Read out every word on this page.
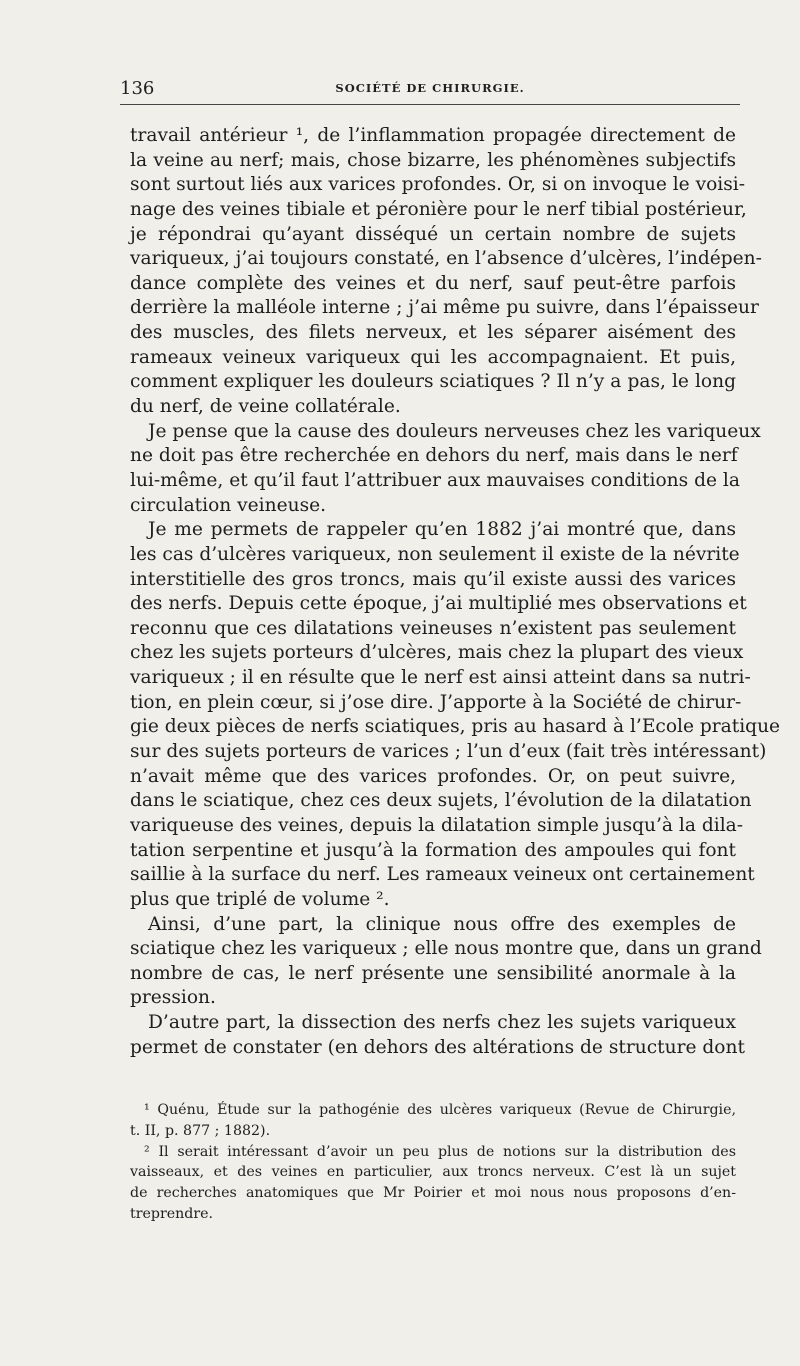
136	SOCIÉTÉ DE CHIRURGIE.
travail antérieur ¹, de l’inflammation propagée directement de
la veine au nerf; mais, chose bizarre, les phénomènes subjectifs
sont surtout liés aux varices profondes. Or, si on invoque le voisi-
nage des veines tibiale et péronière pour le nerf tibial postérieur,
je répondrai qu’ayant disséqué un certain nombre de sujets
variqueux, j’ai toujours constaté, en l’absence d’ulcères, l’indépen-
dance complète des veines et du nerf, sauf peut-être parfois
derrière la malléole interne ; j’ai même pu suivre, dans l’épaisseur
des muscles, des filets nerveux, et les séparer aisément des
rameaux veineux variqueux qui les accompagnaient. Et puis,
comment expliquer les douleurs sciatiques ? Il n’y a pas, le long
du nerf, de veine collatérale.
Je pense que la cause des douleurs nerveuses chez les variqueux
ne doit pas être recherchée en dehors du nerf, mais dans le nerf
lui-même, et qu’il faut l’attribuer aux mauvaises conditions de la
circulation veineuse.
Je me permets de rappeler qu’en 1882 j’ai montré que, dans
les cas d’ulcères variqueux, non seulement il existe de la névrite
interstitielle des gros troncs, mais qu’il existe aussi des varices
des nerfs. Depuis cette époque, j’ai multiplié mes observations et
reconnu que ces dilatations veineuses n’existent pas seulement
chez les sujets porteurs d’ulcères, mais chez la plupart des vieux
variqueux ; il en résulte que le nerf est ainsi atteint dans sa nutri-
tion, en plein cœur, si j’ose dire. J’apporte à la Société de chirur-
gie deux pièces de nerfs sciatiques, pris au hasard à l’Ecole pratique
sur des sujets porteurs de varices ; l’un d’eux (fait très intéressant)
n’avait même que des varices profondes. Or, on peut suivre,
dans le sciatique, chez ces deux sujets, l’évolution de la dilatation
variqueuse des veines, depuis la dilatation simple jusqu’à la dila-
tation serpentine et jusqu’à la formation des ampoules qui font
saillie à la surface du nerf. Les rameaux veineux ont certainement
plus que triplé de volume ².
Ainsi, d’une part, la clinique nous offre des exemples de
sciatique chez les variqueux ; elle nous montre que, dans un grand
nombre de cas, le nerf présente une sensibilité anormale à la
pression.
D’autre part, la dissection des nerfs chez les sujets variqueux
permet de constater (en dehors des altérations de structure dont
¹ Quénu, Étude sur la pathogénie des ulcères variqueux (Revue de Chirurgie,
t. II, p. 877 ; 1882).
² Il serait intéressant d’avoir un peu plus de notions sur la distribution des
vaisseaux, et des veines en particulier, aux troncs nerveux. C’est là un sujet
de recherches anatomiques que Mr Poirier et moi nous nous proposons d’en-
treprendre.
